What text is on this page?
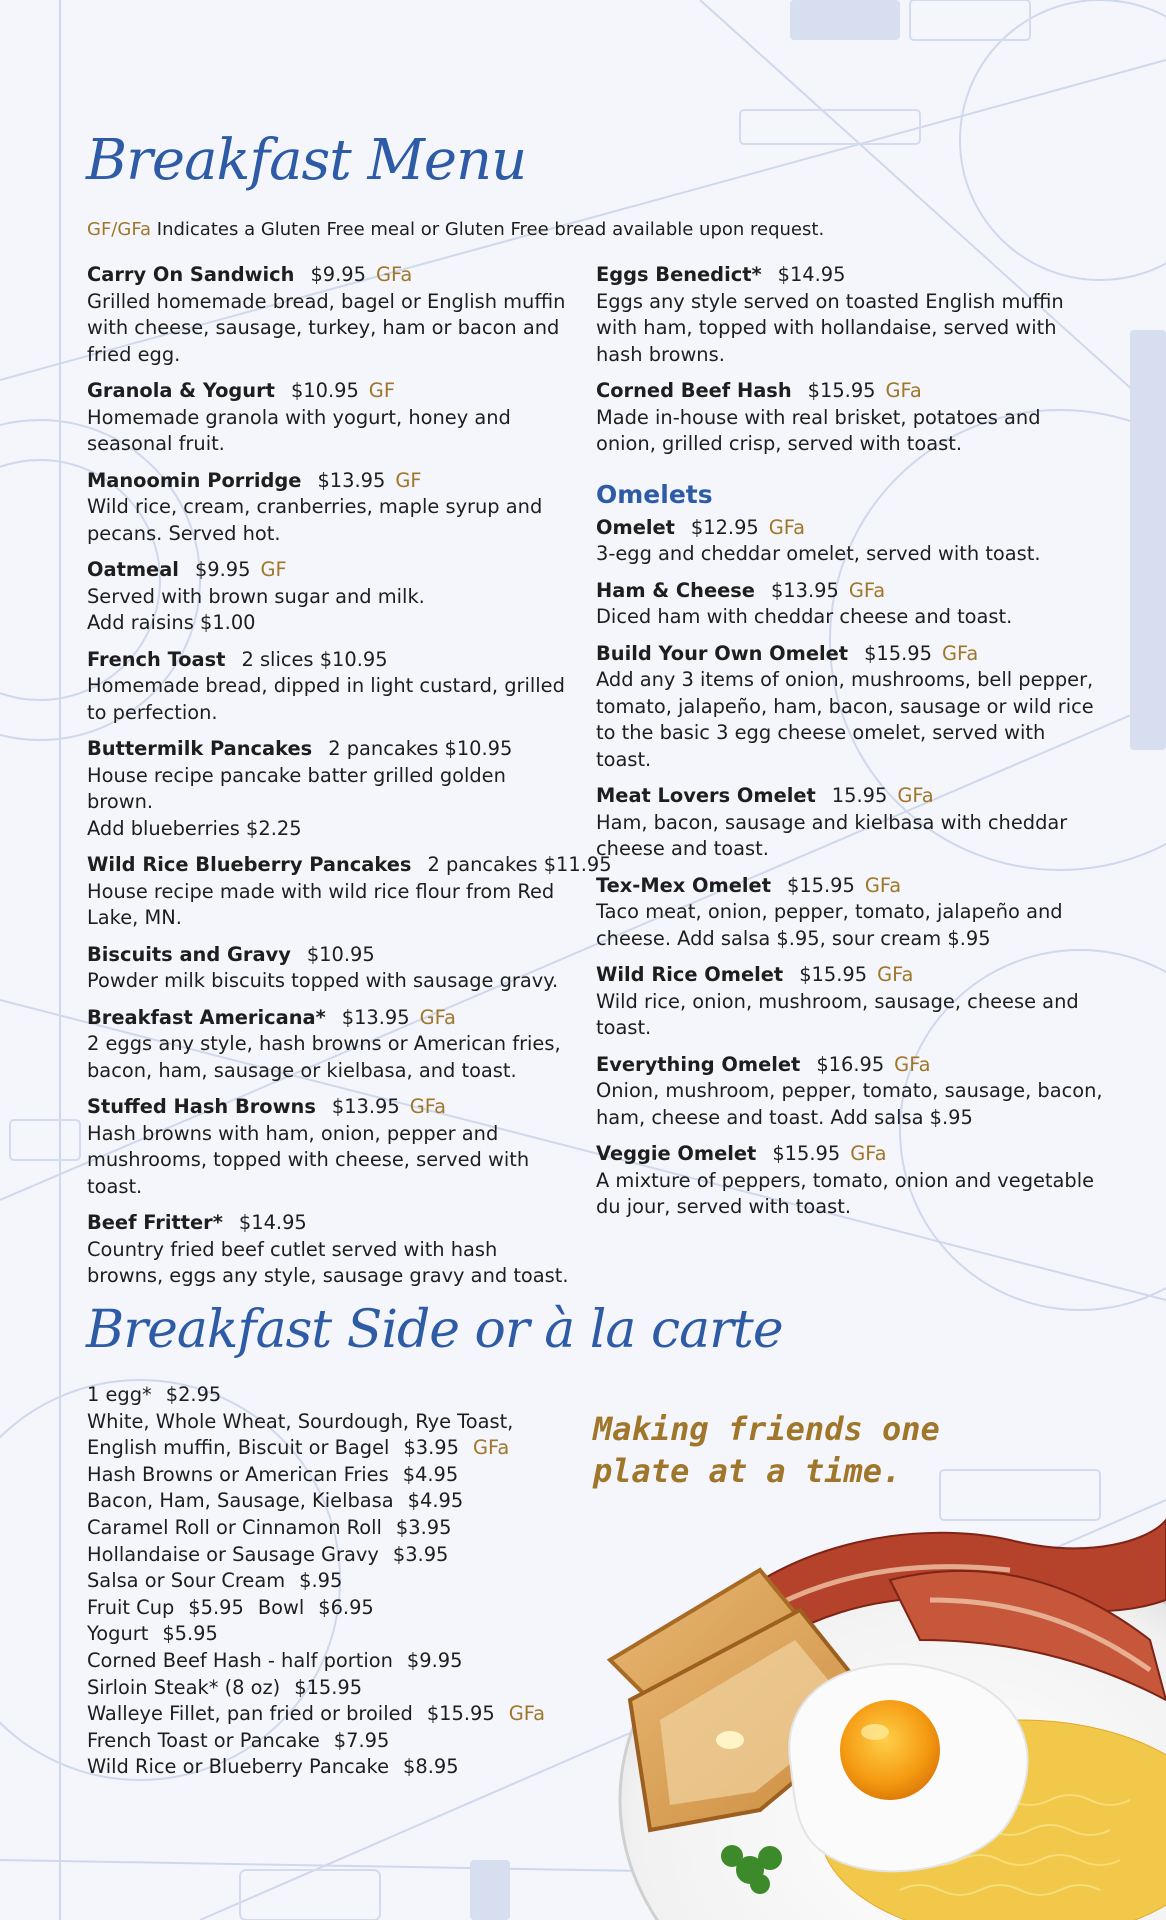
Breakfast Menu
GF/GFa Indicates a Gluten Free meal or Gluten Free bread available upon request.
Carry On Sandwich $9.95 GFa
Grilled homemade bread, bagel or English muffin with cheese, sausage, turkey, ham or bacon and fried egg.
Granola & Yogurt $10.95 GF
Homemade granola with yogurt, honey and seasonal fruit.
Manoomin Porridge $13.95 GF
Wild rice, cream, cranberries, maple syrup and pecans. Served hot.
Oatmeal $9.95 GF
Served with brown sugar and milk.
Add raisins $1.00
French Toast 2 slices $10.95
Homemade bread, dipped in light custard, grilled to perfection.
Buttermilk Pancakes 2 pancakes $10.95
House recipe pancake batter grilled golden brown.
Add blueberries $2.25
Wild Rice Blueberry Pancakes 2 pancakes $11.95
House recipe made with wild rice flour from Red Lake, MN.
Biscuits and Gravy $10.95
Powder milk biscuits topped with sausage gravy.
Breakfast Americana* $13.95 GFa
2 eggs any style, hash browns or American fries, bacon, ham, sausage or kielbasa, and toast.
Stuffed Hash Browns $13.95 GFa
Hash browns with ham, onion, pepper and mushrooms, topped with cheese, served with toast.
Beef Fritter* $14.95
Country fried beef cutlet served with hash browns, eggs any style, sausage gravy and toast.
Eggs Benedict* $14.95
Eggs any style served on toasted English muffin with ham, topped with hollandaise, served with hash browns.
Corned Beef Hash $15.95 GFa
Made in-house with real brisket, potatoes and onion, grilled crisp, served with toast.
Omelets
Omelet $12.95 GFa
3-egg and cheddar omelet, served with toast.
Ham & Cheese $13.95 GFa
Diced ham with cheddar cheese and toast.
Build Your Own Omelet $15.95 GFa
Add any 3 items of onion, mushrooms, bell pepper, tomato, jalapeño, ham, bacon, sausage or wild rice to the basic 3 egg cheese omelet, served with toast.
Meat Lovers Omelet 15.95 GFa
Ham, bacon, sausage and kielbasa with cheddar cheese and toast.
Tex-Mex Omelet $15.95 GFa
Taco meat, onion, pepper, tomato, jalapeño and cheese. Add salsa $.95, sour cream $.95
Wild Rice Omelet $15.95 GFa
Wild rice, onion, mushroom, sausage, cheese and toast.
Everything Omelet $16.95 GFa
Onion, mushroom, pepper, tomato, sausage, bacon, ham, cheese and toast. Add salsa $.95
Veggie Omelet $15.95 GFa
A mixture of peppers, tomato, onion and vegetable du jour, served with toast.
Breakfast Side or à la carte
1 egg* $2.95
White, Whole Wheat, Sourdough, Rye Toast,
English muffin, Biscuit or Bagel $3.95 GFa
Hash Browns or American Fries $4.95
Bacon, Ham, Sausage, Kielbasa $4.95
Caramel Roll or Cinnamon Roll $3.95
Hollandaise or Sausage Gravy $3.95
Salsa or Sour Cream $.95
Fruit Cup $5.95 Bowl $6.95
Yogurt $5.95
Corned Beef Hash - half portion $9.95
Sirloin Steak* (8 oz) $15.95
Walleye Fillet, pan fried or broiled $15.95 GFa
French Toast or Pancake $7.95
Wild Rice or Blueberry Pancake $8.95
Making friends one
plate at a time.
